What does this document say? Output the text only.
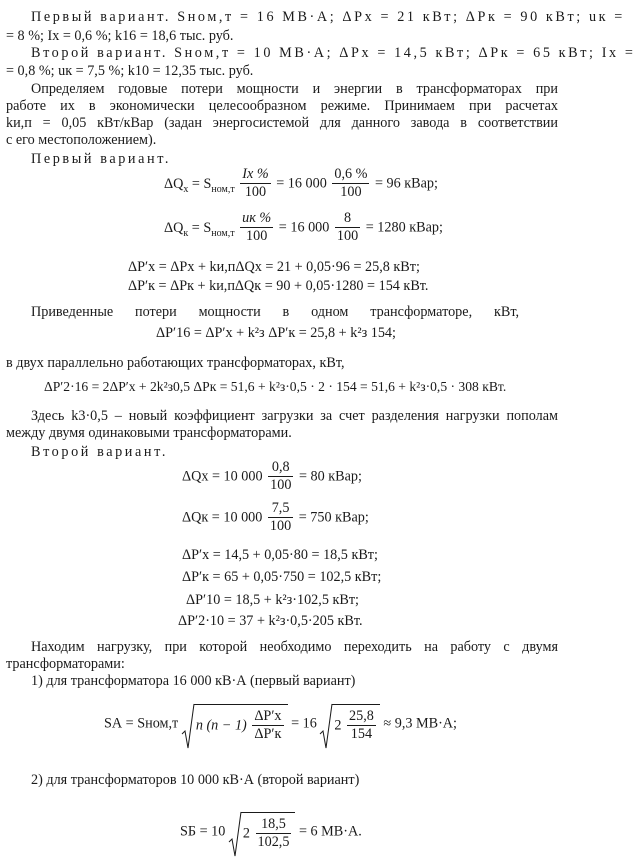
Первый вариант. Sном,т = 16 МВ·А; ΔPх = 21 кВт; ΔPк = 90 кВт; uк =
= 8 %; Iх = 0,6 %; k16 = 18,6 тыс. руб.
Второй вариант. Sном,т = 10 МВ·А; ΔPх = 14,5 кВт; ΔPк = 65 кВт; Iх =
= 0,8 %; uк = 7,5 %; k10 = 12,35 тыс. руб.
Определяем годовые потери мощности и энергии в трансформаторах при
работе их в экономически целесообразном режиме. Принимаем при расчетах
kи,п = 0,05 кВт/кВар (задан энергосистемой для данного завода в соответствии
с его местоположением).
Первый вариант.
$\Delta Q_х = S_{ном,т} \frac{Iх \%}{100} = 16$ $000 \frac{0,6 \%}{100} = 96$ кВар;
$\Delta Q_к = S_{ном,т} \frac{uк \%}{100} = 16$ $000 \frac{8}{100} = 1280$ кВар;
ΔP′х = ΔPх + kи,пΔQх = 21 + 0,05·96 = 25,8 кВт;
ΔP′к = ΔPк + kи,пΔQк = 90 + 0,05·1280 = 154 кВт.
Приведенные потери мощности в одном трансформаторе, кВт,
ΔP′16 = ΔP′х + k²з ΔP′к = 25,8 + k²з 154;
в двух параллельно работающих трансформаторах, кВт,
ΔP′2·16 = 2ΔP′х + 2k²з0,5 ΔPк = 51,6 + k²з·0,5 · 2 · 154 = 51,6 + k²з·0,5 · 308 кВт.
Здесь k3·0,5 – новый коэффициент загрузки за счет разделения нагрузки пополам
между двумя одинаковыми трансформаторами.
Второй вариант.
ΔQх = 10 $000 \frac{0,8}{100} = 80$ кВар;
ΔQк = 10 $000 \frac{7,5}{100} = 750$ кВар;
ΔP′х = 14,5 + 0,05·80 = 18,5 кВт;
ΔP′к = 65 + 0,05·750 = 102,5 кВт;
ΔP′10 = 18,5 + k²з·102,5 кВт;
ΔP′2·10 = 37 + k²з·0,5·205 кВт.
Находим нагрузку, при которой необходимо переходить на работу с двумя
трансформаторами:
1) для трансформатора 16 000 кВ·А (первый вариант)
SА = Sном,т n $(n - 1) \frac{\Delta P'х}{\Delta P'к} = 16$ $2 \frac{25,8}{154} \approx 9,3$ МВ·А;
2) для трансформаторов 10 000 кВ·А (второй вариант)
SБ = 10 $2 \frac{18,5}{102,5} = 6$ МВ·А.
